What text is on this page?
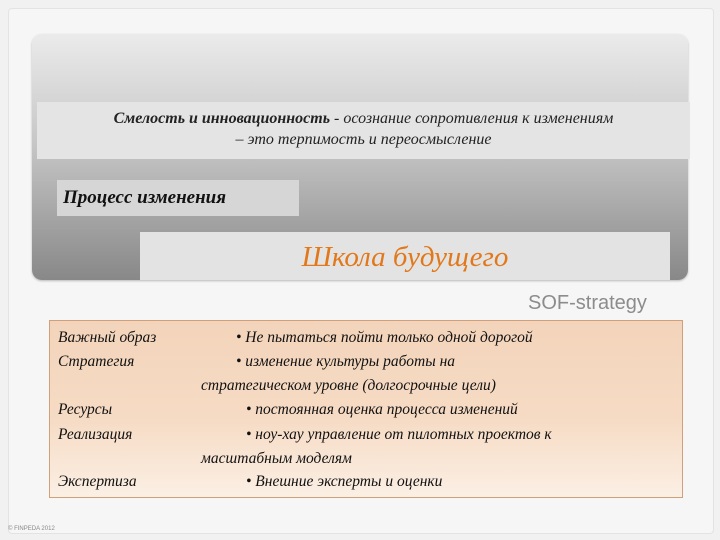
Смелость и инновационность - осознание сопротивления к изменениям
– это терпимость и переосмысление
Процесс изменения
Школа будущего
SOF-strategy
Важный образ	• Не пытаться пойти только одной дорогой
Стратегия	• изменение культуры работы на
стратегическом уровне (долгосрочные цели)
Ресурсы	• постоянная оценка процесса изменений
Реализация	• ноу-хау управление от пилотных проектов к
масштабным моделям
Экспертиза	• Внешние эксперты и оценки
© FINPEDA 2012
